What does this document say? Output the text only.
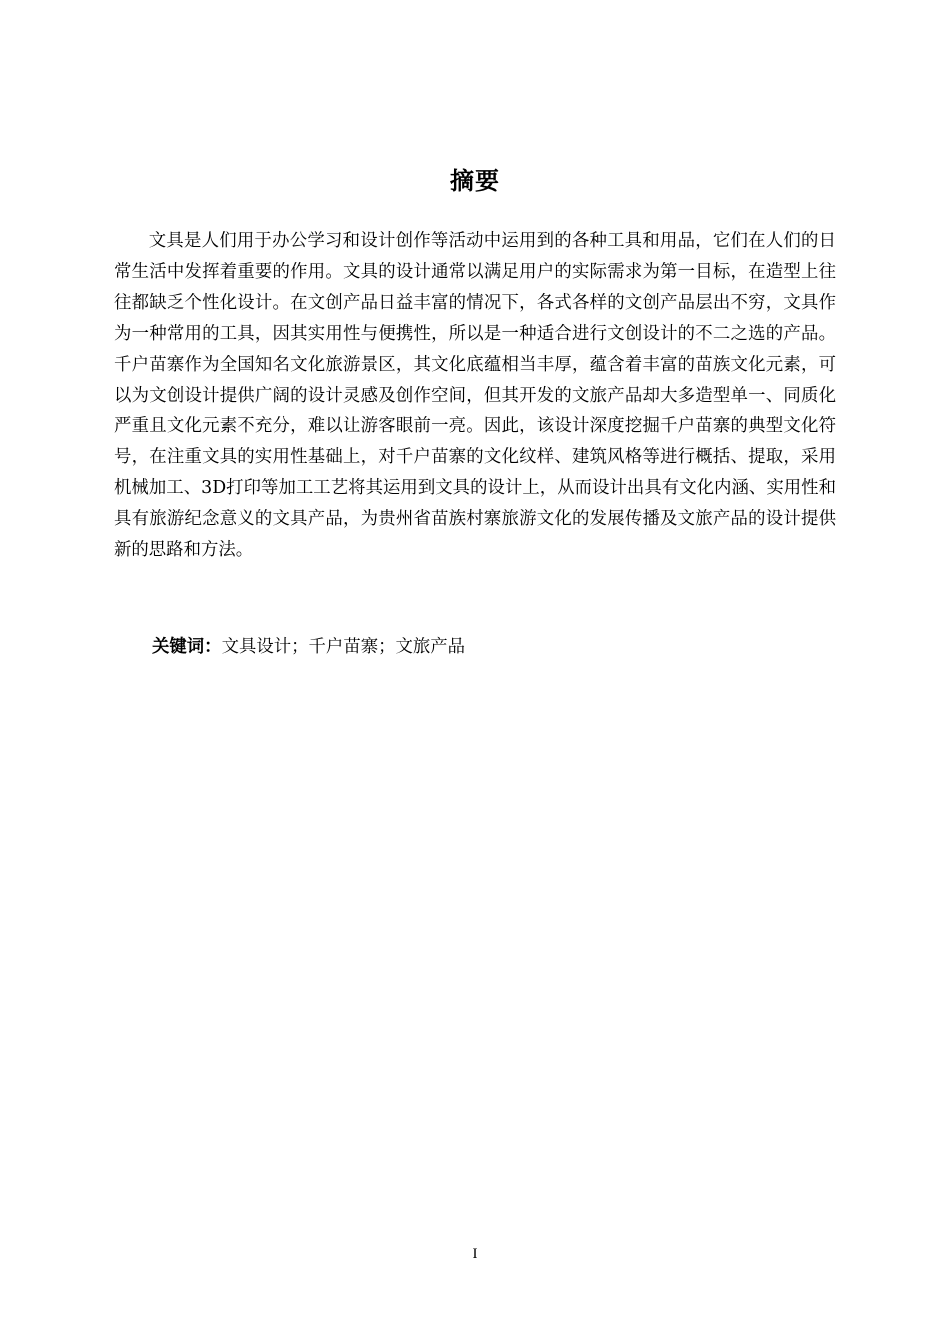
摘要

文具是人们用于办公学习和设计创作等活动中运用到的各种工具和用品，它们在人们的日常生活中发挥着重要的作用。文具的设计通常以满足用户的实际需求为第一目标，在造型上往往都缺乏个性化设计。在文创产品日益丰富的情况下，各式各样的文创产品层出不穷，文具作为一种常用的工具，因其实用性与便携性，所以是一种适合进行文创设计的不二之选的产品。千户苗寨作为全国知名文化旅游景区，其文化底蕴相当丰厚，蕴含着丰富的苗族文化元素，可以为文创设计提供广阔的设计灵感及创作空间，但其开发的文旅产品却大多造型单一、同质化严重且文化元素不充分，难以让游客眼前一亮。因此，该设计深度挖掘千户苗寨的典型文化符号，在注重文具的实用性基础上，对千户苗寨的文化纹样、建筑风格等进行概括、提取，采用机械加工、3D打印等加工工艺将其运用到文具的设计上，从而设计出具有文化内涵、实用性和具有旅游纪念意义的文具产品，为贵州省苗族村寨旅游文化的发展传播及文旅产品的设计提供新的思路和方法。

关键词：文具设计；千户苗寨；文旅产品
I
